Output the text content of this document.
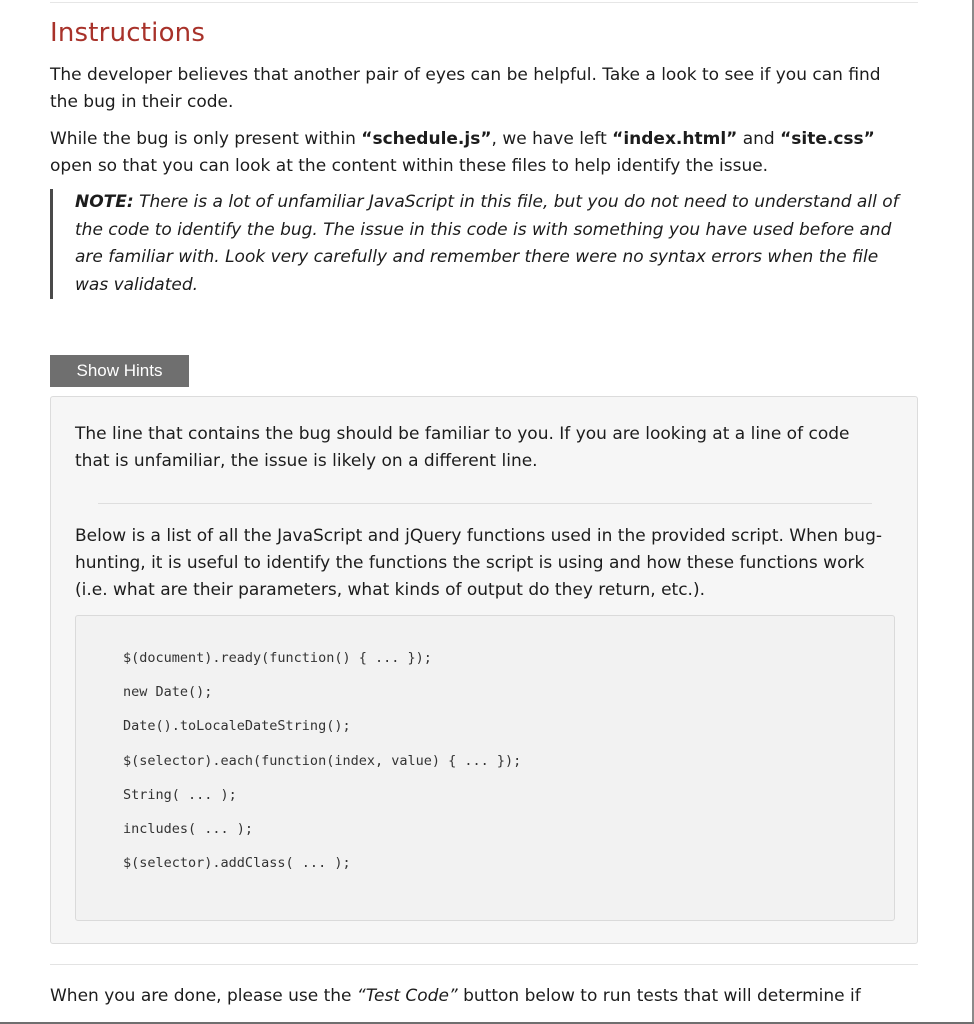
Instructions

The developer believes that another pair of eyes can be helpful. Take a look to see if you can find the bug in their code.

While the bug is only present within “schedule.js”, we have left “index.html” and “site.css” open so that you can look at the content within these files to help identify the issue.

NOTE: There is a lot of unfamiliar JavaScript in this file, but you do not need to understand all of the code to identify the bug. The issue in this code is with something you have used before and are familiar with. Look very carefully and remember there were no syntax errors when the file was validated.
Show Hints

The line that contains the bug should be familiar to you. If you are looking at a line of code that is unfamiliar, the issue is likely on a different line.

Below is a list of all the JavaScript and jQuery functions used in the provided script. When bug-hunting, it is useful to identify the functions the script is using and how these functions work (i.e. what are their parameters, what kinds of output do they return, etc.).

$(document).ready(function() { ... });
new Date();
Date().toLocaleDateString();
$(selector).each(function(index, value) { ... });
String( ... );
includes( ... );
$(selector).addClass( ... );

When you are done, please use the “Test Code” button below to run tests that will determine if
